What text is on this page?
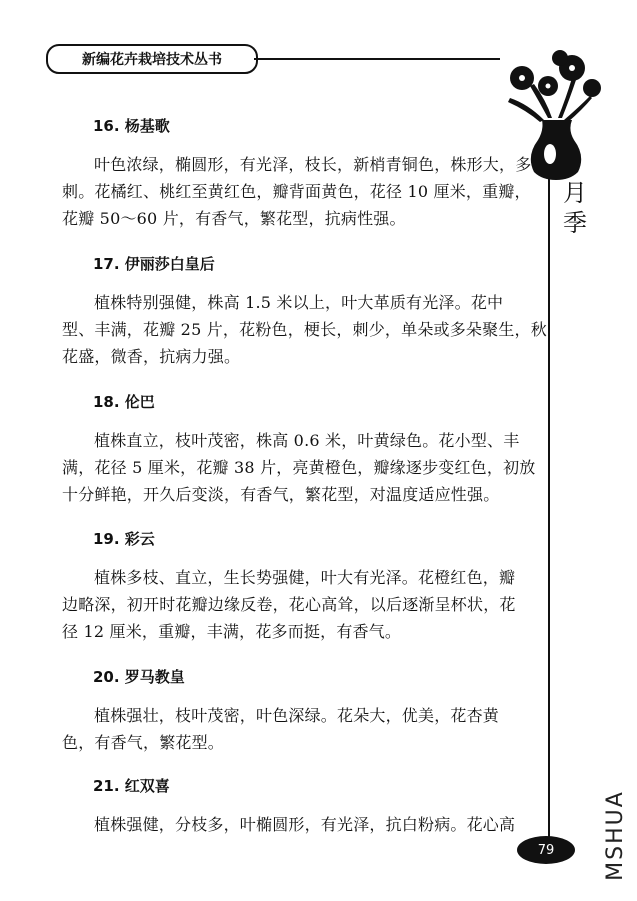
新编花卉栽培技术丛书
月季
16. 杨基歌
叶色浓绿，椭圆形，有光泽，枝长，新梢青铜色，株形大，多
刺。花橘红、桃红至黄红色，瓣背面黄色，花径 10 厘米，重瓣，
花瓣 50～60 片，有香气，繁花型，抗病性强。
17. 伊丽莎白皇后
植株特别强健，株高 1.5 米以上，叶大革质有光泽。花中
型、丰满，花瓣 25 片，花粉色，梗长，刺少，单朵或多朵聚生，秋
花盛，微香，抗病力强。
18. 伦巴
植株直立，枝叶茂密，株高 0.6 米，叶黄绿色。花小型、丰
满，花径 5 厘米，花瓣 38 片，亮黄橙色，瓣缘逐步变红色，初放
十分鲜艳，开久后变淡，有香气，繁花型，对温度适应性强。
19. 彩云
植株多枝、直立，生长势强健，叶大有光泽。花橙红色，瓣
边略深，初开时花瓣边缘反卷，花心高耸，以后逐渐呈杯状，花
径 12 厘米，重瓣，丰满，花多而挺，有香气。
20. 罗马教皇
植株强壮，枝叶茂密，叶色深绿。花朵大，优美，花杏黄
色，有香气，繁花型。
21. 红双喜
植株强健，分枝多，叶椭圆形，有光泽，抗白粉病。花心高
79	MSHUA
